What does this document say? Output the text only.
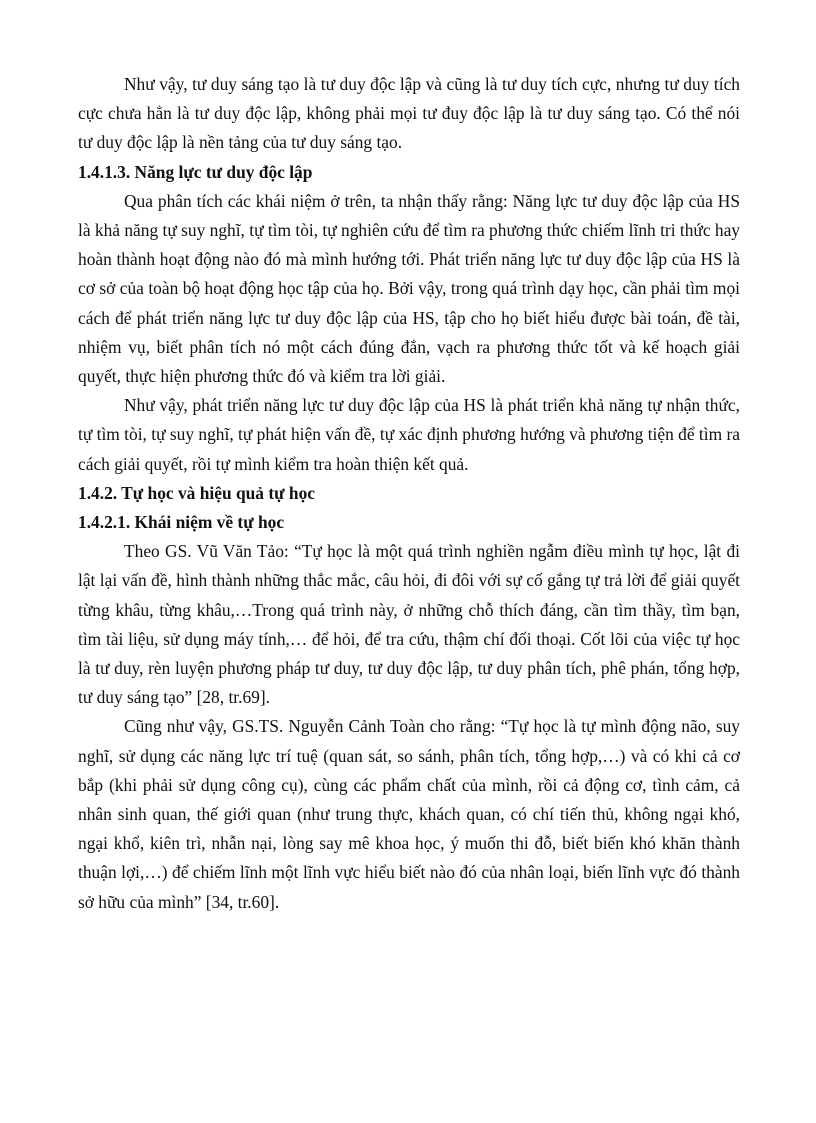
Như vậy, tư duy sáng tạo là tư duy độc lập và cũng là tư duy tích cực, nhưng tư duy tích cực chưa hẳn là tư duy độc lập, không phải mọi tư đuy độc lập là tư duy sáng tạo. Có thể nói tư duy độc lập là nền tảng của tư duy sáng tạo.

1.4.1.3. Năng lực tư duy độc lập

Qua phân tích các khái niệm ở trên, ta nhận thấy rằng: Năng lực tư duy độc lập của HS là khả năng tự suy nghĩ, tự tìm tòi, tự nghiên cứu để tìm ra phương thức chiếm lĩnh tri thức hay hoàn thành hoạt động nào đó mà mình hướng tới. Phát triển năng lực tư duy độc lập của HS là cơ sở của toàn bộ hoạt động học tập của họ. Bởi vậy, trong quá trình dạy học, cần phải tìm mọi cách để phát triển năng lực tư duy độc lập của HS, tập cho họ biết hiểu được bài toán, đề tài, nhiệm vụ, biết phân tích nó một cách đúng đắn, vạch ra phương thức tốt và kế hoạch giải quyết, thực hiện phương thức đó và kiểm tra lời giải.

Như vậy, phát triển năng lực tư duy độc lập của HS là phát triển khả năng tự nhận thức, tự tìm tòi, tự suy nghĩ, tự phát hiện vấn đề, tự xác định phương hướng và phương tiện để tìm ra cách giải quyết, rồi tự mình kiểm tra hoàn thiện kết quả.

1.4.2. Tự học và hiệu quả tự học

1.4.2.1. Khái niệm về tự học

Theo GS. Vũ Văn Tảo: “Tự học là một quá trình nghiền ngẫm điều mình tự học, lật đi lật lại vấn đề, hình thành những thắc mắc, câu hỏi, đi đôi với sự cố gắng tự trả lời để giải quyết từng khâu, từng khâu,…Trong quá trình này, ở những chỗ thích đáng, cần tìm thầy, tìm bạn, tìm tài liệu, sử dụng máy tính,… để hỏi, để tra cứu, thậm chí đối thoại. Cốt lõi của việc tự học là tư duy, rèn luyện phương pháp tư duy, tư duy độc lập, tư duy phân tích, phê phán, tổng hợp, tư duy sáng tạo” [28, tr.69].

Cũng như vậy, GS.TS. Nguyễn Cảnh Toàn cho rằng: “Tự học là tự mình động não, suy nghĩ, sử dụng các năng lực trí tuệ (quan sát, so sánh, phân tích, tổng hợp,…) và có khi cả cơ bắp (khi phải sử dụng công cụ), cùng các phẩm chất của mình, rồi cả động cơ, tình cảm, cả nhân sinh quan, thế giới quan (như trung thực, khách quan, có chí tiến thủ, không ngại khó, ngại khổ, kiên trì, nhẫn nại, lòng say mê khoa học, ý muốn thi đỗ, biết biến khó khăn thành thuận lợi,…) để chiếm lĩnh một lĩnh vực hiểu biết nào đó của nhân loại, biến lĩnh vực đó thành sở hữu của mình” [34, tr.60].
